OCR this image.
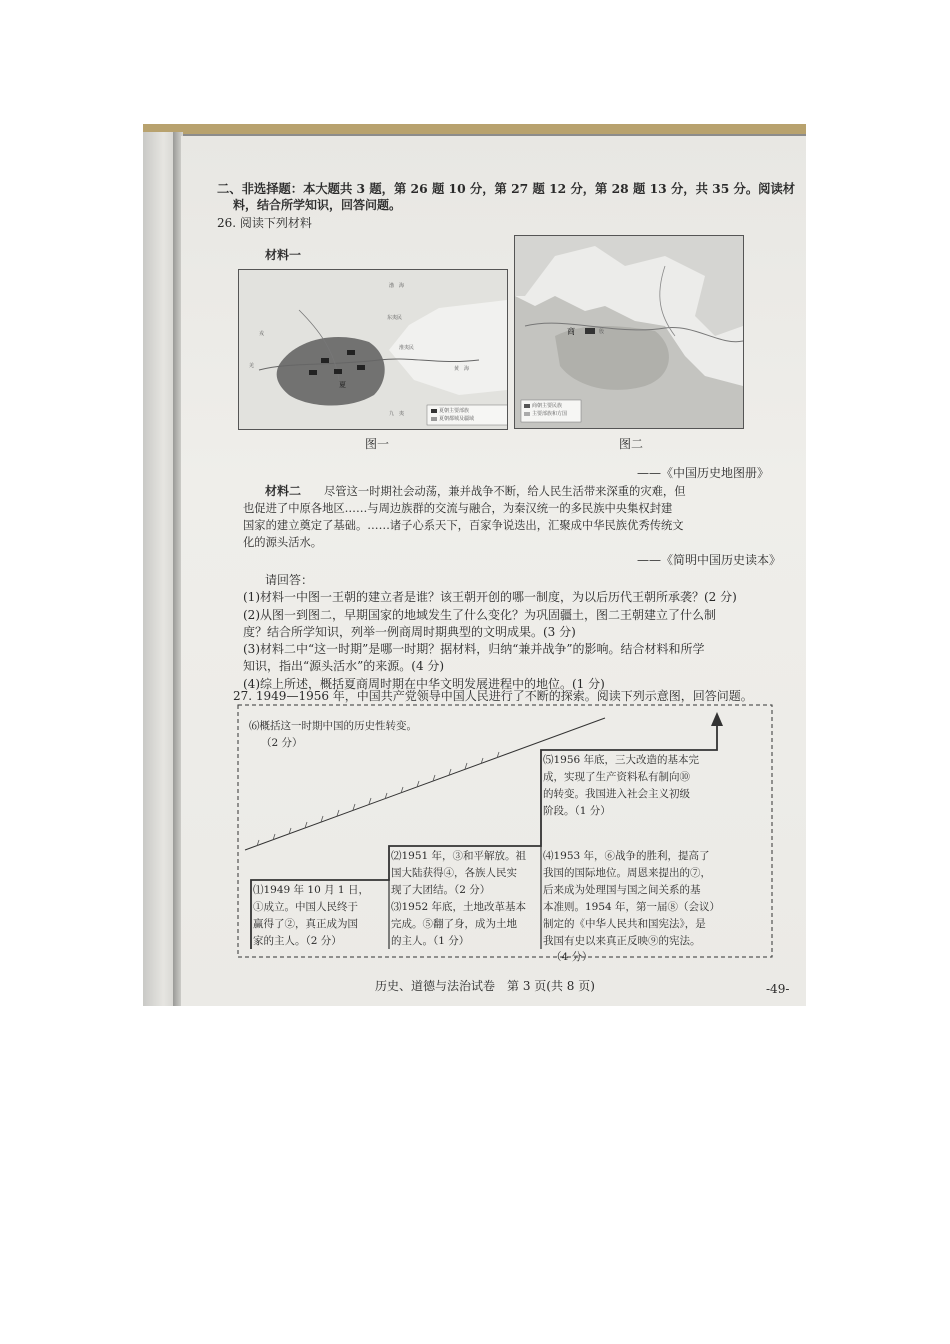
二、非选择题：本大题共 3 题，第 26 题 10 分，第 27 题 12 分，第 28 题 13 分，共 35 分。阅读材
料，结合所学知识，回答问题。
26. 阅读下列材料
材料一
渤　海
黄　海
东夷民
淮夷民
夏
九　夷
羌
戎
夏朝主要部族
夏朝都城及疆域
图一
商	殷
商朝主要民族
主要部族和方国
图二
——《中国历史地图册》
材料二 尽管这一时期社会动荡，兼并战争不断，给人民生活带来深重的灾难，但
也促进了中原各地区……与周边族群的交流与融合，为秦汉统一的多民族中央集权封建
国家的建立奠定了基础。……诸子心系天下，百家争说迭出，汇聚成中华民族优秀传统文
化的源头活水。
——《简明中国历史读本》
请回答：
(1)材料一中图一王朝的建立者是谁？该王朝开创的哪一制度，为以后历代王朝所承袭？(2 分)
(2)从图一到图二，早期国家的地域发生了什么变化？为巩固疆土，图二王朝建立了什么制
度？结合所学知识，列举一例商周时期典型的文明成果。(3 分)
(3)材料二中“这一时期”是哪一时期？据材料，归纳“兼并战争”的影响。结合材料和所学
知识，指出“源头活水”的来源。(4 分)
(4)综上所述，概括夏商周时期在中华文明发展进程中的地位。(1 分)
27. 1949—1956 年，中国共产党领导中国人民进行了不断的探索。阅读下列示意图，回答问题。
⑹概括这一时期中国的历史性转变。
（2 分）
⑸1956 年底，三大改造的基本完
成，实现了生产资料私有制向⑩
的转变。我国进入社会主义初级
阶段。（1 分）
⑵1951 年，③和平解放。祖
国大陆获得④，各族人民实
现了大团结。（2 分）
⑷1953 年，⑥战争的胜利，提高了
我国的国际地位。周恩来提出的⑦，
后来成为处理国与国之间关系的基
本准则。1954 年，第一届⑧（会议）
制定的《中华人民共和国宪法》，是
我国有史以来真正反映⑨的宪法。
（4 分）
⑴1949 年 10 月 1 日，
①成立。中国人民终于
赢得了②，真正成为国
家的主人。（2 分）
⑶1952 年底，土地改革基本
完成。⑤翻了身，成为土地
的主人。（1 分）
历史、道德与法治试卷　第 3 页(共 8 页)	-49-
